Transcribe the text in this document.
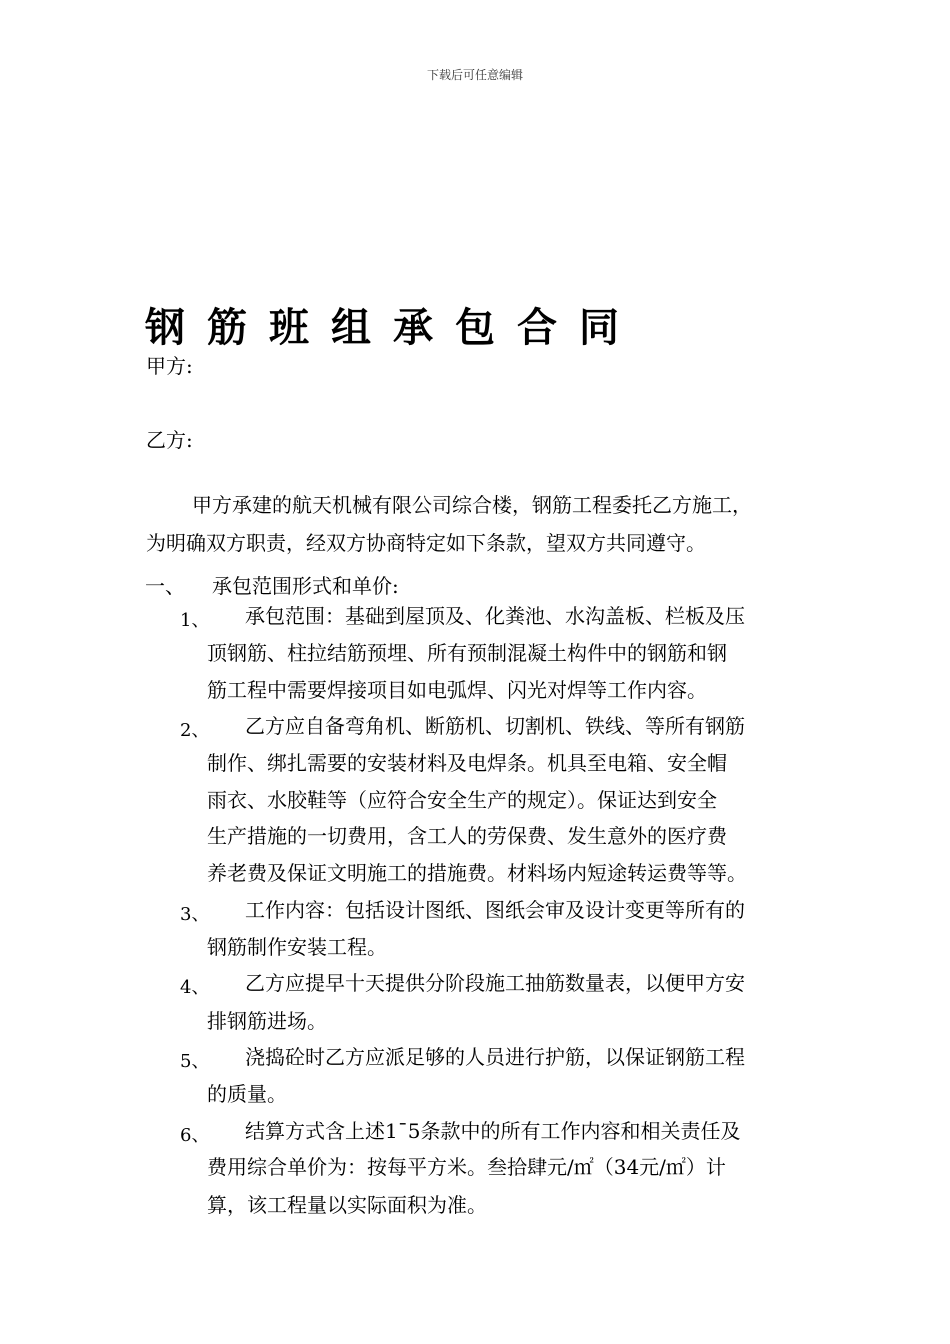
下载后可任意编辑
钢筋班组承包合同
甲方:
乙方:
甲方承建的航天机械有限公司综合楼，钢筋工程委托乙方施工，
为明确双方职责，经双方协商特定如下条款，望双方共同遵守。
一、 承包范围形式和单价:
1、 承包范围：基础到屋顶及、化粪池、水沟盖板、栏板及压
顶钢筋、柱拉结筋预埋、所有预制混凝土构件中的钢筋和钢
筋工程中需要焊接项目如电弧焊、闪光对焊等工作内容。
2、 乙方应自备弯角机、断筋机、切割机、铁线、等所有钢筋
制作、绑扎需要的安装材料及电焊条。机具至电箱、安全帽
雨衣、水胶鞋等（应符合安全生产的规定）。保证达到安全
生产措施的一切费用，含工人的劳保费、发生意外的医疗费
养老费及保证文明施工的措施费。材料场内短途转运费等等。
3、 工作内容：包括设计图纸、图纸会审及设计变更等所有的
钢筋制作安装工程。
4、 乙方应提早十天提供分阶段施工抽筋数量表，以便甲方安
排钢筋进场。
5、 浇捣砼时乙方应派足够的人员进行护筋，以保证钢筋工程
的质量。
6、 结算方式含上述1¯5条款中的所有工作内容和相关责任及
费用综合单价为：按每平方米。叁拾肆元/㎡（34元/㎡）计
算，该工程量以实际面积为准。
